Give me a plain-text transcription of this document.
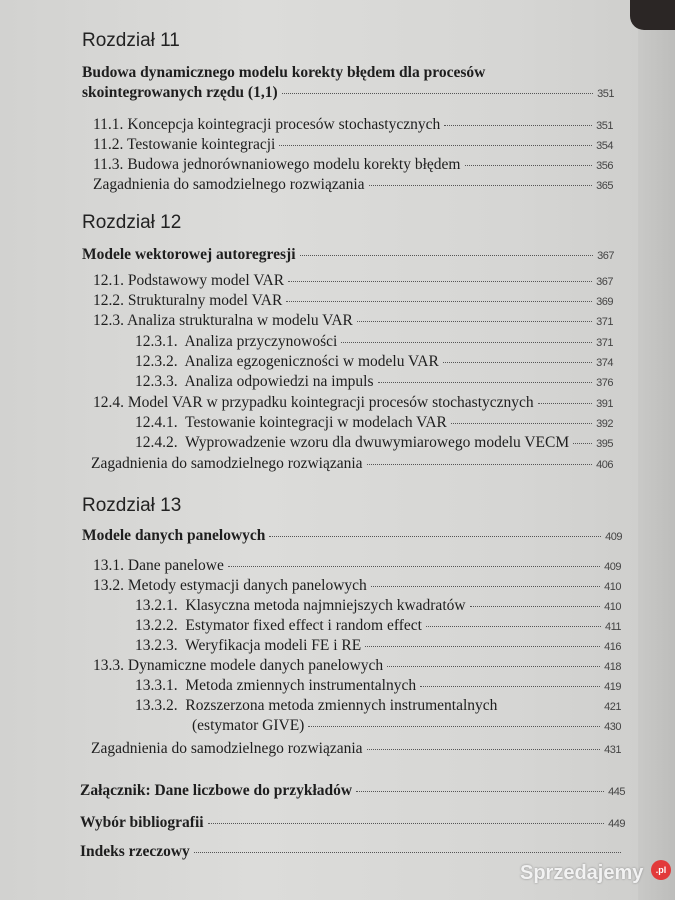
Rozdział 11
Budowa dynamicznego modelu korekty błędem dla procesów
skointegrowanych rzędu (1,1)	351
11.1. Koncepcja kointegracji procesów stochastycznych	351
11.2. Testowanie kointegracji	354
11.3. Budowa jednorównaniowego modelu korekty błędem	356
Zagadnienia do samodzielnego rozwiązania	365
Rozdział 12
Modele wektorowej autoregresji	367
12.1. Podstawowy model VAR	367
12.2. Strukturalny model VAR	369
12.3. Analiza strukturalna w modelu VAR	371
12.3.1. Analiza przyczynowości	371
12.3.2. Analiza egzogeniczności w modelu VAR	374
12.3.3. Analiza odpowiedzi na impuls	376
12.4. Model VAR w przypadku kointegracji procesów stochastycznych	391
12.4.1. Testowanie kointegracji w modelach VAR	392
12.4.2. Wyprowadzenie wzoru dla dwuwymiarowego modelu VECM 395
Zagadnienia do samodzielnego rozwiązania	406
Rozdział 13
Modele danych panelowych	409
13.1. Dane panelowe	409
13.2. Metody estymacji danych panelowych	410
13.2.1. Klasyczna metoda najmniejszych kwadratów	410
13.2.2. Estymator fixed effect i random effect	411
13.2.3. Weryfikacja modeli FE i RE	416
13.3. Dynamiczne modele danych panelowych	418
13.3.1. Metoda zmiennych instrumentalnych	419
13.3.2. Rozszerzona metoda zmiennych instrumentalnych	421
(estymator GIVE)	430
Zagadnienia do samodzielnego rozwiązania	431
Załącznik: Dane liczbowe do przykładów	445
Wybór bibliografii	449
Indeks rzeczowy
Sprzedajemy	.pl
